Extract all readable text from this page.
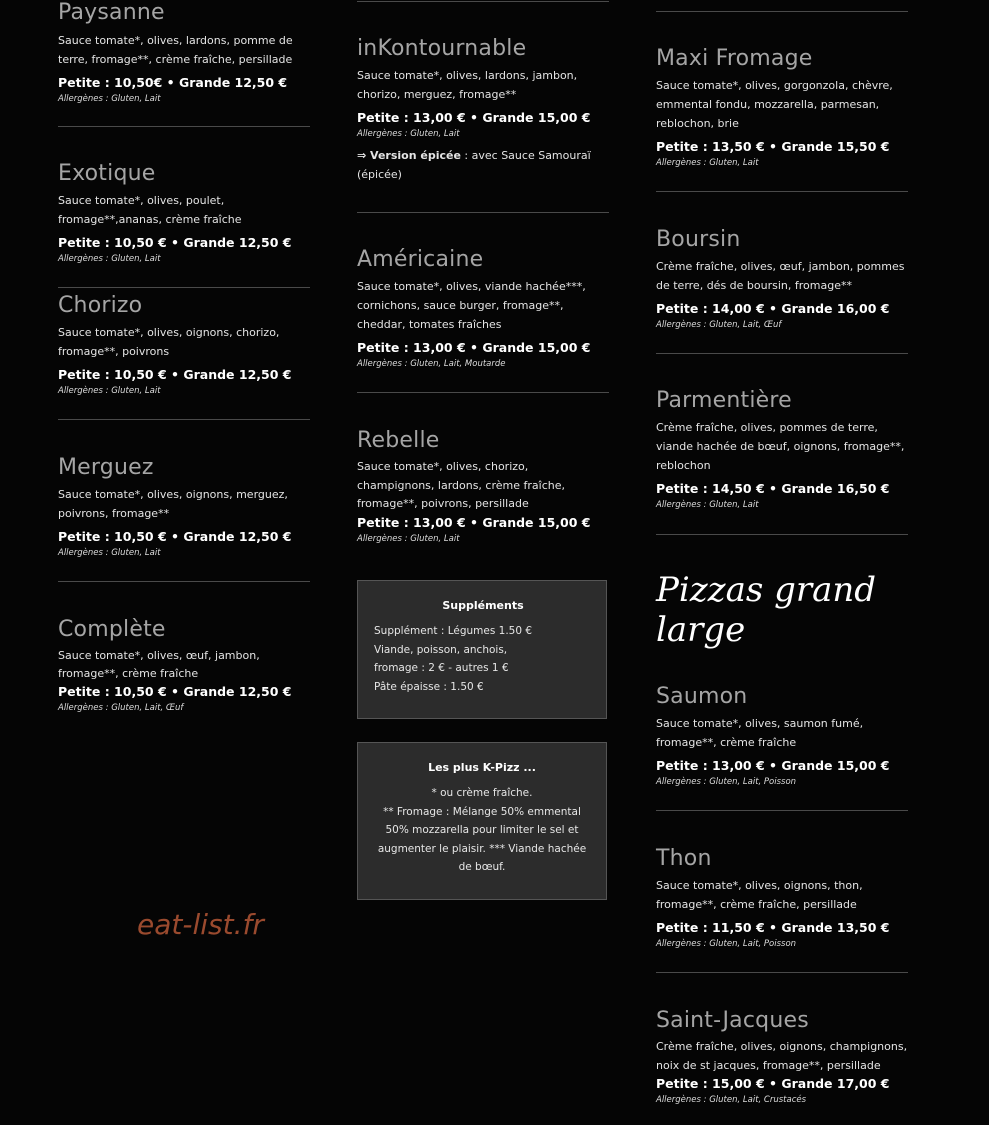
Paysanne

Sauce tomate*, olives, lardons, pomme de terre, fromage**, crème fraîche, persillade

Petite : 10,50€ • Grande 12,50 €

Allergènes : Gluten, Lait

Exotique

Sauce tomate*, olives, poulet, fromage**,ananas, crème fraîche

Petite : 10,50 € • Grande 12,50 €

Allergènes : Gluten, Lait

Chorizo

Sauce tomate*, olives, oignons, chorizo, fromage**, poivrons

Petite : 10,50 € • Grande 12,50 €

Allergènes : Gluten, Lait

Merguez

Sauce tomate*, olives, oignons, merguez, poivrons, fromage**

Petite : 10,50 € • Grande 12,50 €

Allergènes : Gluten, Lait

Complète

Sauce tomate*, olives, œuf, jambon, fromage**, crème fraîche

Petite : 10,50 € • Grande 12,50 €

Allergènes : Gluten, Lait, Œuf

eat-list.fr
inKontournable

Sauce tomate*, olives, lardons, jambon, chorizo, merguez, fromage**

Petite : 13,00 € • Grande 15,00 €

Allergènes : Gluten, Lait

⇒ Version épicée : avec Sauce Samouraï (épicée)

Américaine

Sauce tomate*, olives, viande hachée***, cornichons, sauce burger, fromage**, cheddar, tomates fraîches

Petite : 13,00 € • Grande 15,00 €

Allergènes : Gluten, Lait, Moutarde

Rebelle

Sauce tomate*, olives, chorizo, champignons, lardons, crème fraîche, fromage**, poivrons, persillade

Petite : 13,00 € • Grande 15,00 €

Allergènes : Gluten, Lait

Suppléments
Supplément : Légumes 1.50 €
Viande, poisson, anchois,
fromage : 2 € - autres 1 €
Pâte épaisse : 1.50 €
Les plus K-Pizz ...
* ou crème fraîche.
** Fromage : Mélange 50% emmental
50% mozzarella pour limiter le sel et
augmenter le plaisir. *** Viande hachée
de bœuf.
Maxi Fromage

Sauce tomate*, olives, gorgonzola, chèvre, emmental fondu, mozzarella, parmesan, reblochon, brie

Petite : 13,50 € • Grande 15,50 €

Allergènes : Gluten, Lait

Boursin

Crème fraîche, olives, œuf, jambon, pommes de terre, dés de boursin, fromage**

Petite : 14,00 € • Grande 16,00 €

Allergènes : Gluten, Lait, Œuf

Parmentière

Crème fraîche, olives, pommes de terre, viande hachée de bœuf, oignons, fromage**, reblochon

Petite : 14,50 € • Grande 16,50 €

Allergènes : Gluten, Lait

Pizzas grand large
Saumon

Sauce tomate*, olives, saumon fumé, fromage**, crème fraîche

Petite : 13,00 € • Grande 15,00 €

Allergènes : Gluten, Lait, Poisson

Thon

Sauce tomate*, olives, oignons, thon, fromage**, crème fraîche, persillade

Petite : 11,50 € • Grande 13,50 €

Allergènes : Gluten, Lait, Poisson

Saint-Jacques

Crème fraîche, olives, oignons, champignons, noix de st jacques, fromage**, persillade

Petite : 15,00 € • Grande 17,00 €

Allergènes : Gluten, Lait, Crustacés
